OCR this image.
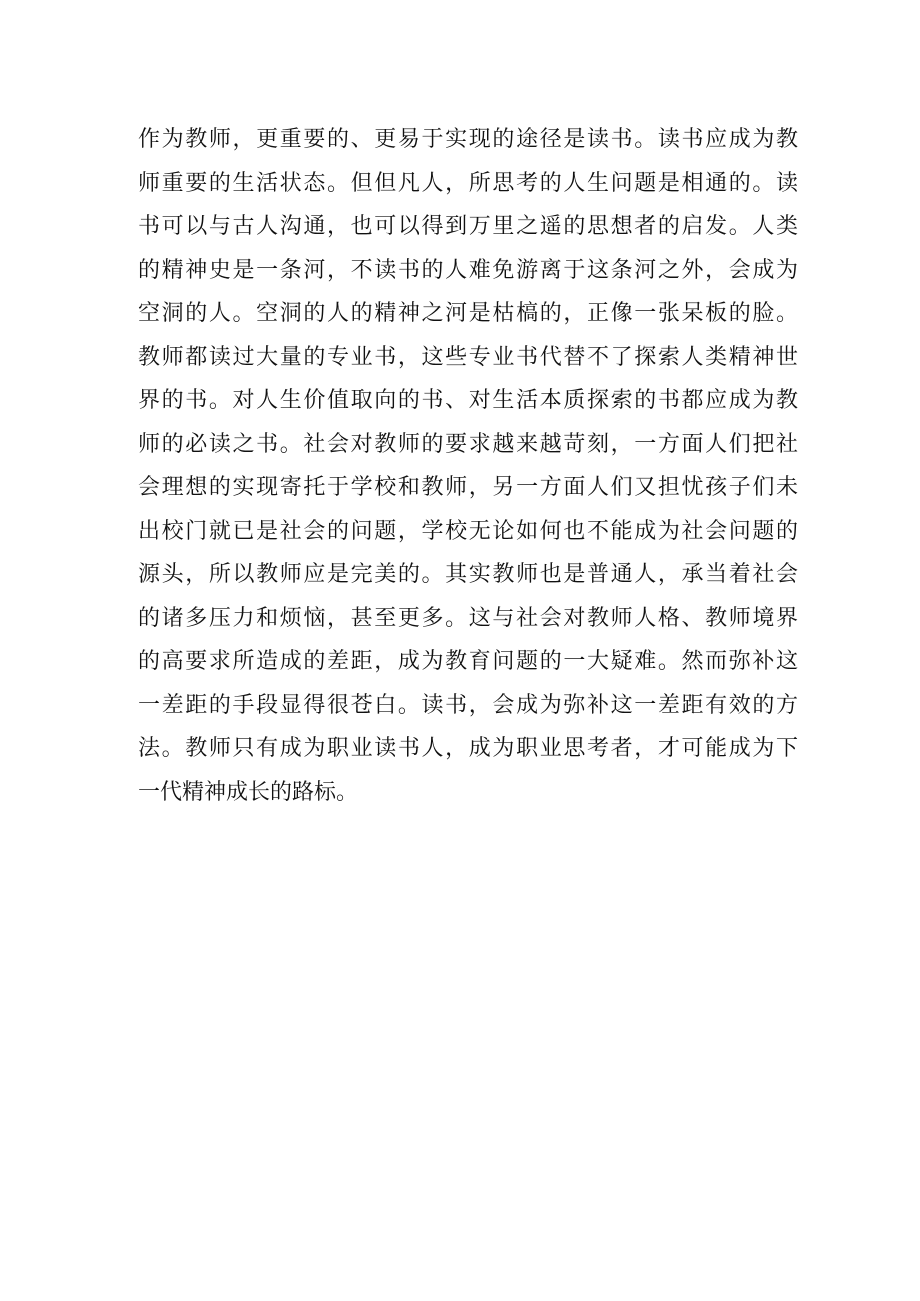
作为教师，更重要的、更易于实现的途径是读书。读书应成为教
师重要的生活状态。但但凡人，所思考的人生问题是相通的。读
书可以与古人沟通，也可以得到万里之遥的思想者的启发。人类
的精神史是一条河，不读书的人难免游离于这条河之外，会成为
空洞的人。空洞的人的精神之河是枯槁的，正像一张呆板的脸。
教师都读过大量的专业书，这些专业书代替不了探索人类精神世
界的书。对人生价值取向的书、对生活本质探索的书都应成为教
师的必读之书。社会对教师的要求越来越苛刻，一方面人们把社
会理想的实现寄托于学校和教师，另一方面人们又担忧孩子们未
出校门就已是社会的问题，学校无论如何也不能成为社会问题的
源头，所以教师应是完美的。其实教师也是普通人，承当着社会
的诸多压力和烦恼，甚至更多。这与社会对教师人格、教师境界
的高要求所造成的差距，成为教育问题的一大疑难。然而弥补这
一差距的手段显得很苍白。读书，会成为弥补这一差距有效的方
法。教师只有成为职业读书人，成为职业思考者，才可能成为下
一代精神成长的路标。
